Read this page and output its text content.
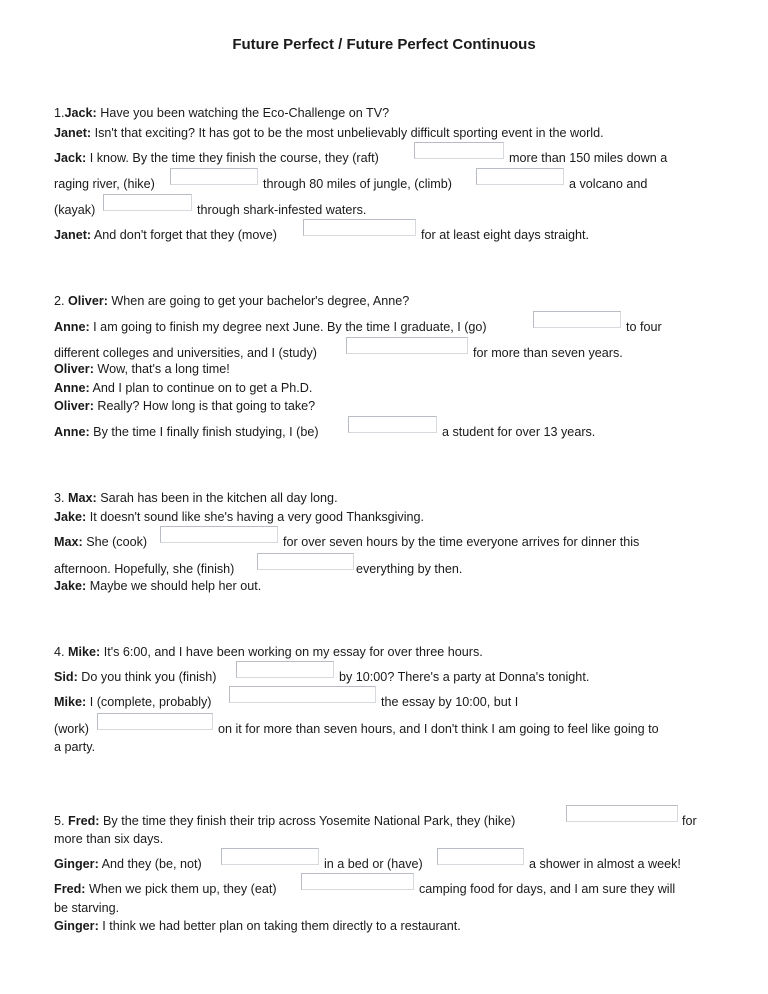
Future Perfect / Future Perfect Continuous
1.Jack: Have you been watching the Eco-Challenge on TV?
Janet: Isn't that exciting? It has got to be the most unbelievably difficult sporting event in the world.
Jack: I know. By the time they finish the course, they (raft)	more than 150 miles down a
raging river, (hike)	through 80 miles of jungle, (climb)	a volcano and
(kayak)	through shark-infested waters.
Janet: And don't forget that they (move)	for at least eight days straight.
2. Oliver: When are going to get your bachelor's degree, Anne?
Anne: I am going to finish my degree next June. By the time I graduate, I (go)	to four
different colleges and universities, and I (study)	for more than seven years.
Oliver: Wow, that's a long time!
Anne: And I plan to continue on to get a Ph.D.
Oliver: Really? How long is that going to take?
Anne: By the time I finally finish studying, I (be)	a student for over 13 years.
3. Max: Sarah has been in the kitchen all day long.
Jake: It doesn't sound like she's having a very good Thanksgiving.
Max: She (cook)	for over seven hours by the time everyone arrives for dinner this
afternoon. Hopefully, she (finish)	everything by then.
Jake: Maybe we should help her out.
4. Mike: It's 6:00, and I have been working on my essay for over three hours.
Sid: Do you think you (finish)	by 10:00? There's a party at Donna's tonight.
Mike: I (complete, probably)	the essay by 10:00, but I
(work)	on it for more than seven hours, and I don't think I am going to feel like going to
a party.
5. Fred: By the time they finish their trip across Yosemite National Park, they (hike)	for
more than six days.
Ginger: And they (be, not)	in a bed or (have)	a shower in almost a week!
Fred: When we pick them up, they (eat)	camping food for days, and I am sure they will
be starving.
Ginger: I think we had better plan on taking them directly to a restaurant.
